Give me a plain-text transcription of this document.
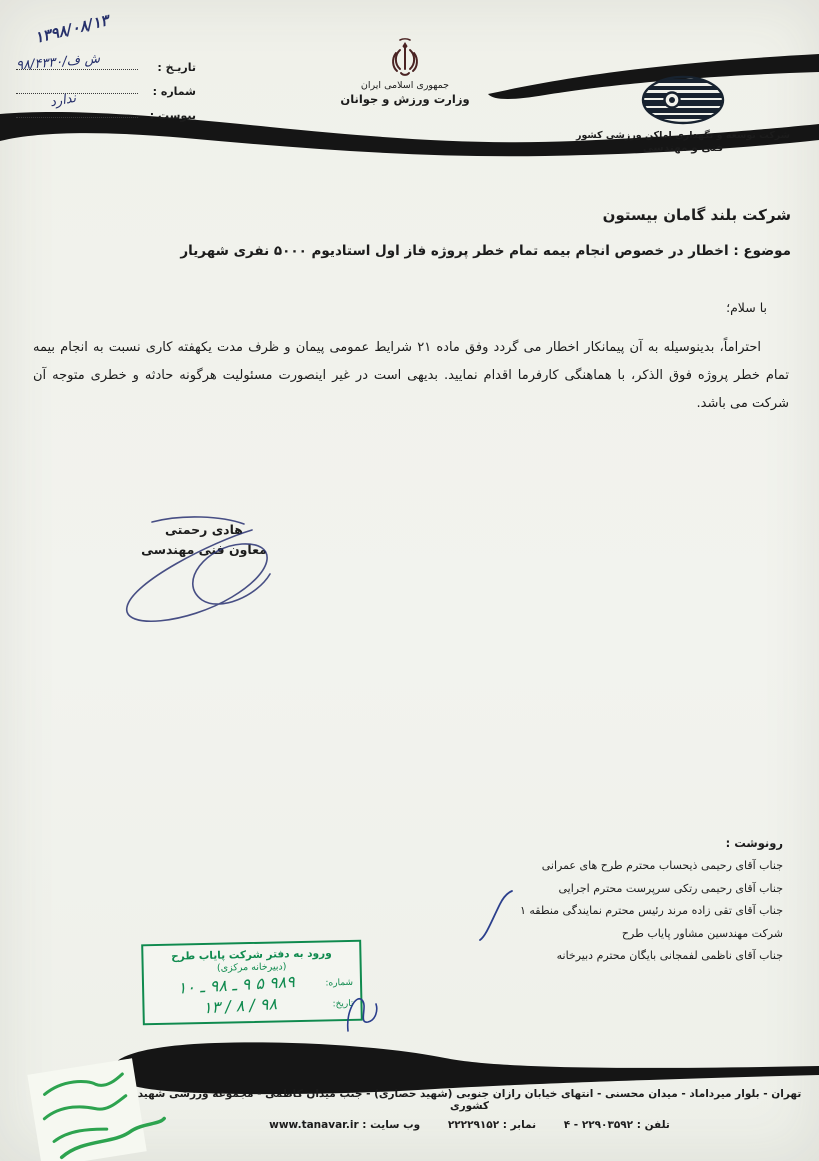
تاریـخ :
شماره :
پیوست :
۱۳۹۸/۰۸/۱۳
۹۸/۴۳۳۰/ش ف
ندارد
جمهوری اسلامی ایران
وزارت ورزش و جوانان
شرکت توسعه و نگهداری اماکن ورزشی کشور
فنی و مهندسی
شرکت بلند گامان بیستون
موضوع : اخطار در خصوص انجام بیمه تمام خطر پروژه فاز اول استادیوم ۵۰۰۰ نفری شهریار
با سلام؛
احتراماً، بدینوسیله به آن پیمانکار اخطار می گردد وفق ماده ۲۱ شرایط عمومی پیمان و ظرف مدت یکهفته کاری نسبت به انجام بیمه تمام خطر پروژه فوق الذکر، با هماهنگی کارفرما اقدام نمایید. بدیهی است در غیر اینصورت مسئولیت هرگونه حادثه و خطری متوجه آن شرکت می باشد.
هادی رحمتی
معاون فنی مهندسی
رونوشت :
جناب آقای رحیمی ذیحساب محترم طرح های عمرانی
جناب آقای رحیمی رتکی سرپرست محترم اجرایی
جناب آقای تقی زاده مرند رئیس محترم نمایندگی منطقه ۱
شرکت مهندسین مشاور پایاب طرح
جناب آقای ناظمی لفمجانی بایگان محترم دبیرخانه
ورود به دفتر شرکت پایاب طرح
(دبیرخانه مرکزی)
شماره:
۹۸۹ ۵ ۹ ـ ۹۸ ـ ۱۰
تاریخ:
۹۸ / ۸ / ۱۳
تهران - بلوار میرداماد - میدان محسنی - انتهای خیابان رازان جنوبی (شهید حصاری) - جنب میدان کاظمی - مجموعه ورزشی شهید کشوری
تلفن : ۲۲۹۰۳۵۹۲ - ۴ نمابر : ۲۲۲۲۹۱۵۲ وب سایت : www.tanavar.ir
